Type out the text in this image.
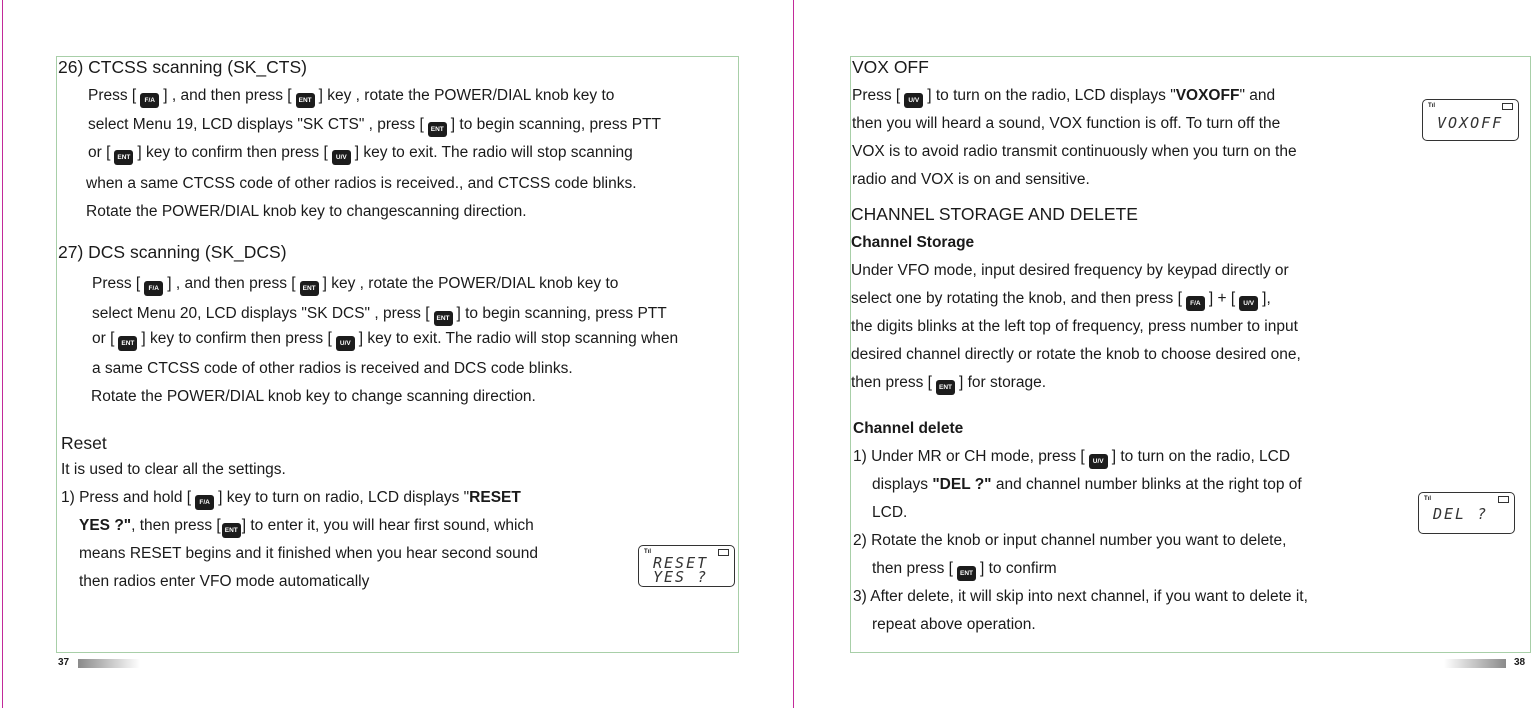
26) CTCSS scanning (SK_CTS)
Press [ F/A ] , and then press [ ENT ] key , rotate the POWER/DIAL knob key to
select Menu 19, LCD displays "SK CTS" , press [ ENT ] to begin scanning, press PTT
or [ ENT ] key to confirm then press [ U/V ] key to exit. The radio will stop scanning
when a same CTCSS code of other radios is received., and CTCSS code blinks.
Rotate the POWER/DIAL knob key to changescanning direction.
27) DCS scanning (SK_DCS)
Press [ F/A ] , and then press [ ENT ] key , rotate the POWER/DIAL knob key to
select Menu 20, LCD displays "SK DCS" , press [ ENT ] to begin scanning, press PTT
or [ ENT ] key to confirm then press [ U/V ] key to exit. The radio will stop scanning when
a same CTCSS code of other radios is received and DCS code blinks.
Rotate the POWER/DIAL knob key to change scanning direction.
Reset
It is used to clear all the settings.
1) Press and hold [ F/A ] key to turn on radio, LCD displays "RESET
YES ?", then press [ ENT ] to enter it, you will hear first sound, which
means RESET begins and it finished when you hear second sound
then radios enter VFO mode automatically
Tıl
RESET
YES ?
37
VOX OFF
Press [ U/V ] to turn on the radio, LCD displays "VOXOFF" and
then you will heard a sound, VOX function is off. To turn off the
VOX is to avoid radio transmit continuously when you turn on the
radio and VOX is on and sensitive.
Tıl
VOXOFF
CHANNEL STORAGE AND DELETE
Channel Storage
Under VFO mode, input desired frequency by keypad directly or
select one by rotating the knob, and then press [ F/A ] + [ U/V ],
the digits blinks at the left top of frequency, press number to input
desired channel directly or rotate the knob to choose desired one,
then press [ ENT ] for storage.
Channel delete
1) Under MR or CH mode, press [ U/V ] to turn on the radio, LCD
displays "DEL ?" and channel number blinks at the right top of
LCD.
2) Rotate the knob or input channel number you want to delete,
then press [ ENT ] to confirm
3) After delete, it will skip into next channel, if you want to delete it,
repeat above operation.
Tıl
DEL ?
38
